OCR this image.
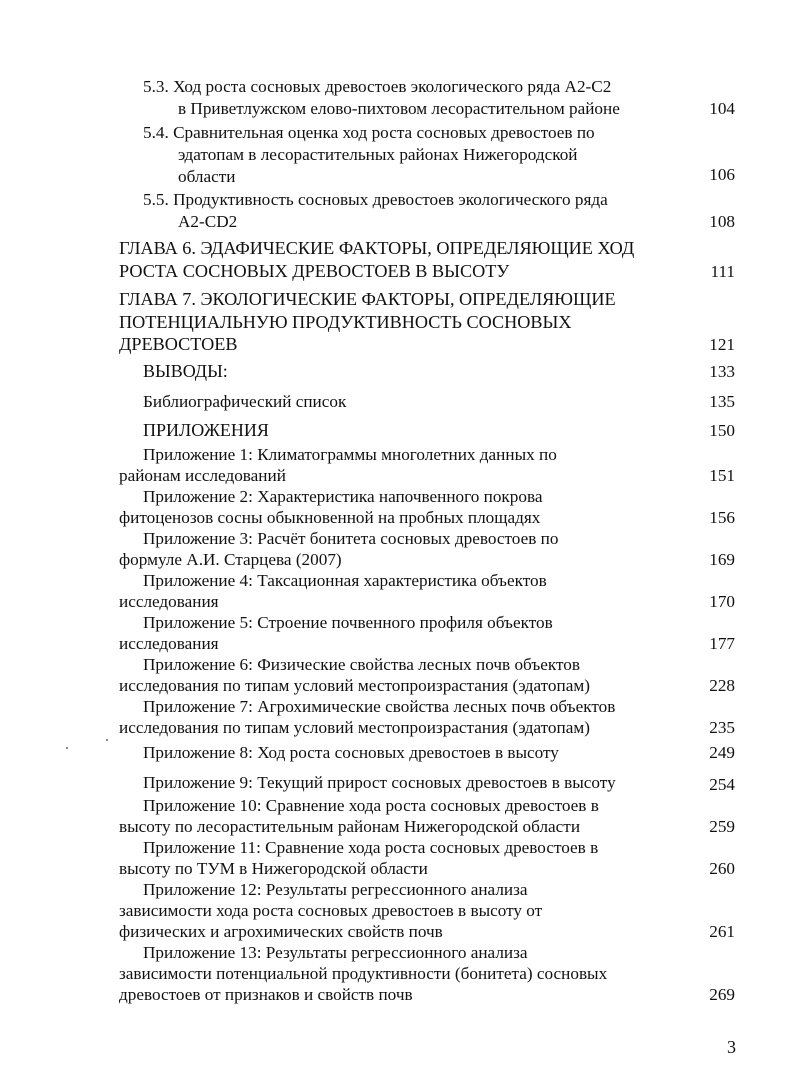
5.3. Ход роста сосновых древостоев экологического ряда А2-С2
в Приветлужском елово-пихтовом лесорастительном районе	104
5.4. Сравнительная оценка ход роста сосновых древостоев по
эдатопам в лесорастительных районах Нижегородской
области	106
5.5. Продуктивность сосновых древостоев экологического ряда
A2-CD2	108
ГЛАВА 6. ЭДАФИЧЕСКИЕ ФАКТОРЫ, ОПРЕДЕЛЯЮЩИЕ ХОД
РОСТА СОСНОВЫХ ДРЕВОСТОЕВ В ВЫСОТУ	111
ГЛАВА 7. ЭКОЛОГИЧЕСКИЕ ФАКТОРЫ, ОПРЕДЕЛЯЮЩИЕ
ПОТЕНЦИАЛЬНУЮ ПРОДУКТИВНОСТЬ СОСНОВЫХ
ДРЕВОСТОЕВ	121
ВЫВОДЫ:	133
Библиографический список	135
ПРИЛОЖЕНИЯ	150
Приложение 1: Климатограммы многолетних данных по
районам исследований	151
Приложение 2: Характеристика напочвенного покрова
фитоценозов сосны обыкновенной на пробных площадях	156
Приложение 3: Расчёт бонитета сосновых древостоев по
формуле А.И. Старцева (2007)	169
Приложение 4: Таксационная характеристика объектов
исследования	170
Приложение 5: Строение почвенного профиля объектов
исследования	177
Приложение 6: Физические свойства лесных почв объектов
исследования по типам условий местопроизрастания (эдатопам)	228
Приложение 7: Агрохимические свойства лесных почв объектов
исследования по типам условий местопроизрастания (эдатопам)	235
Приложение 8: Ход роста сосновых древостоев в высоту	249
Приложение 9: Текущий прирост сосновых древостоев в высоту	254
Приложение 10: Сравнение хода роста сосновых древостоев в
высоту по лесорастительным районам Нижегородской области	259
Приложение 11: Сравнение хода роста сосновых древостоев в
высоту по ТУМ в Нижегородской области	260
Приложение 12: Результаты регрессионного анализа
зависимости хода роста сосновых древостоев в высоту от
физических и агрохимических свойств почв	261
Приложение 13: Результаты регрессионного анализа
зависимости потенциальной продуктивности (бонитета) сосновых
древостоев от признаков и свойств почв	269
3
